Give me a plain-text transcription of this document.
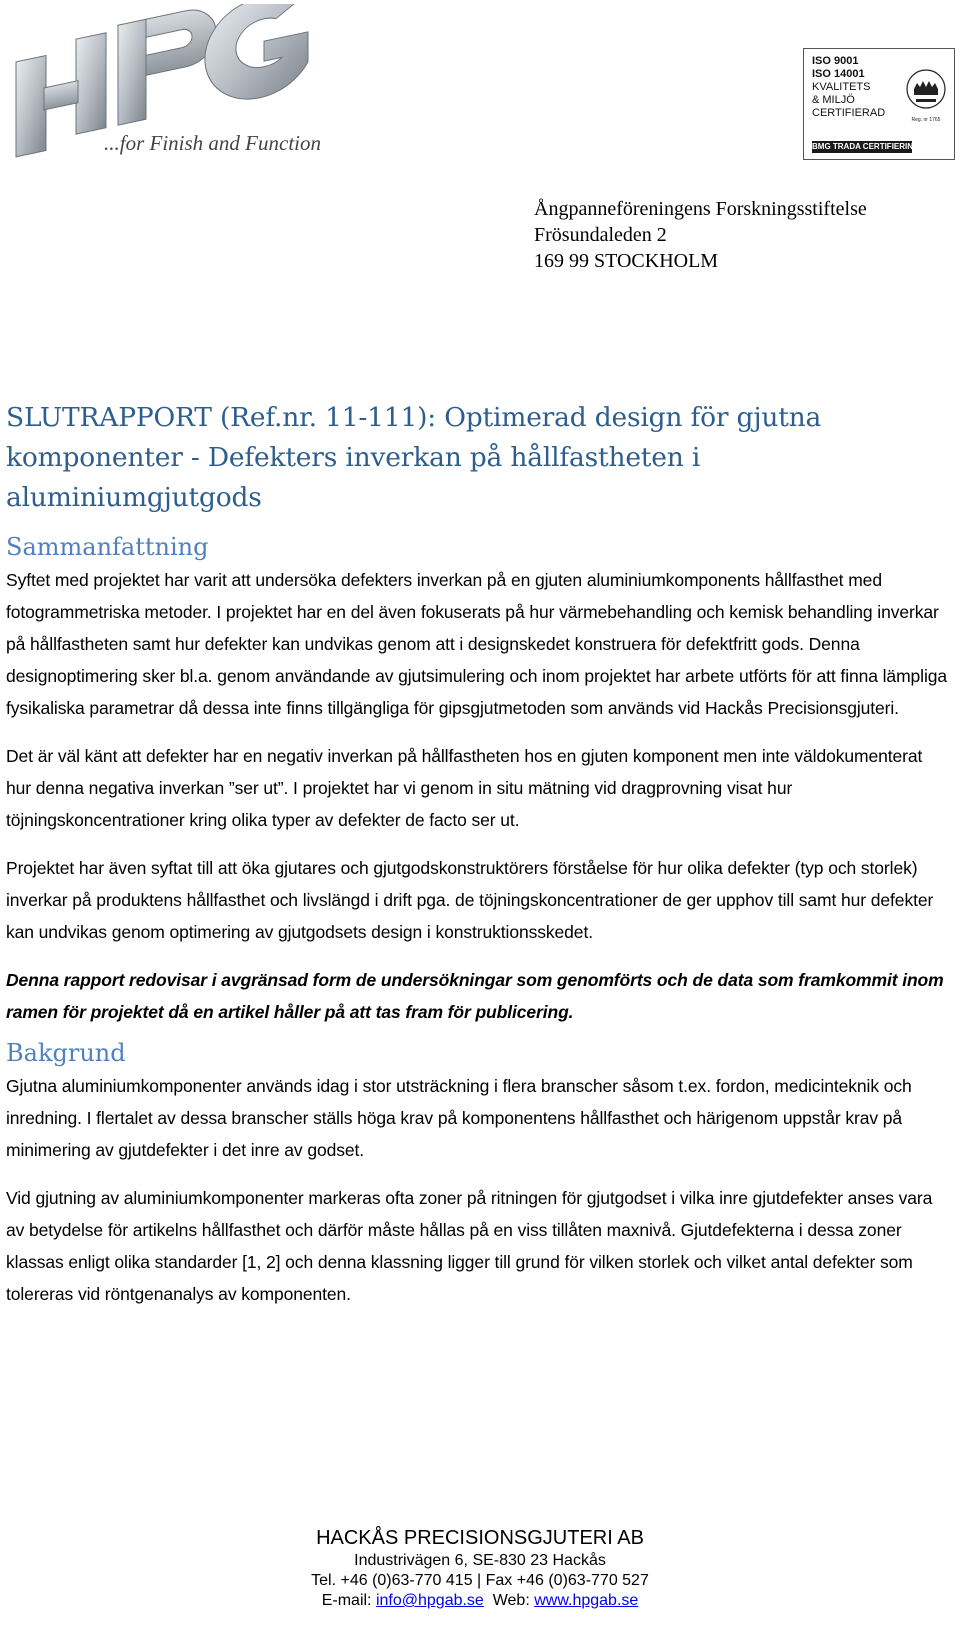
...for Finish and Function
ISO 9001
ISO 14001
KVALITETS
& MILJÖ
CERTIFIERAD
Reg. nr 1765
BMG TRADA CERTIFIERING
Ångpanneföreningens Forskningsstiftelse
Frösundaleden 2
169 99 STOCKHOLM
SLUTRAPPORT (Ref.nr. 11-111): Optimerad design för gjutna komponenter - Defekters inverkan på hållfastheten i aluminiumgjutgods
Sammanfattning

Syftet med projektet har varit att undersöka defekters inverkan på en gjuten aluminiumkomponents hållfasthet med fotogrammetriska metoder. I projektet har en del även fokuserats på hur värmebehandling och kemisk behandling inverkar på hållfastheten samt hur defekter kan undvikas genom att i designskedet konstruera för defektfritt gods. Denna designoptimering sker bl.a. genom användande av gjutsimulering och inom projektet har arbete utförts för att finna lämpliga fysikaliska parametrar då dessa inte finns tillgängliga för gipsgjutmetoden som används vid Hackås Precisionsgjuteri.

Det är väl känt att defekter har en negativ inverkan på hållfastheten hos en gjuten komponent men inte väldokumenterat hur denna negativa inverkan ”ser ut”. I projektet har vi genom in situ mätning vid dragprovning visat hur töjningskoncentrationer kring olika typer av defekter de facto ser ut.

Projektet har även syftat till att öka gjutares och gjutgodskonstruktörers förståelse för hur olika defekter (typ och storlek) inverkar på produktens hållfasthet och livslängd i drift pga. de töjningskoncentrationer de ger upphov till samt hur defekter kan undvikas genom optimering av gjutgodsets design i konstruktionsskedet.

Denna rapport redovisar i avgränsad form de undersökningar som genomförts och de data som framkommit inom ramen för projektet då en artikel håller på att tas fram för publicering.

Bakgrund

Gjutna aluminiumkomponenter används idag i stor utsträckning i flera branscher såsom t.ex. fordon, medicinteknik och inredning. I flertalet av dessa branscher ställs höga krav på komponentens hållfasthet och härigenom uppstår krav på minimering av gjutdefekter i det inre av godset.

Vid gjutning av aluminiumkomponenter markeras ofta zoner på ritningen för gjutgodset i vilka inre gjutdefekter anses vara av betydelse för artikelns hållfasthet och därför måste hållas på en viss tillåten maxnivå. Gjutdefekterna i dessa zoner klassas enligt olika standarder [1, 2] och denna klassning ligger till grund för vilken storlek och vilket antal defekter som tolereras vid röntgenanalys av komponenten.

HACKÅS PRECISIONSGJUTERI AB
Industrivägen 6, SE-830 23 Hackås
Tel. +46 (0)63-770 415 | Fax +46 (0)63-770 527
E-mail: info@hpgab.se  Web: www.hpgab.se
